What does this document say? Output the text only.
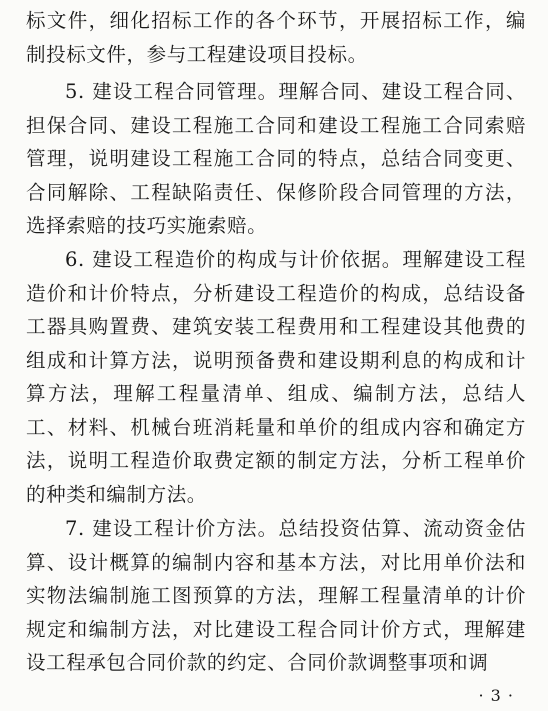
标文件，细化招标工作的各个环节，开展招标工作，编制投标文件，参与工程建设项目投标。

5. 建设工程合同管理。理解合同、建设工程合同、担保合同、建设工程施工合同和建设工程施工合同索赔管理，说明建设工程施工合同的特点，总结合同变更、合同解除、工程缺陷责任、保修阶段合同管理的方法，选择索赔的技巧实施索赔。

6. 建设工程造价的构成与计价依据。理解建设工程造价和计价特点，分析建设工程造价的构成，总结设备工器具购置费、建筑安装工程费用和工程建设其他费的组成和计算方法，说明预备费和建设期利息的构成和计算方法，理解工程量清单、组成、编制方法，总结人工、材料、机械台班消耗量和单价的组成内容和确定方法，说明工程造价取费定额的制定方法，分析工程单价的种类和编制方法。

7. 建设工程计价方法。总结投资估算、流动资金估算、设计概算的编制内容和基本方法，对比用单价法和实物法编制施工图预算的方法，理解工程量清单的计价规定和编制方法，对比建设工程合同计价方式，理解建设工程承包合同价款的约定、合同价款调整事项和调

· 3 ·
